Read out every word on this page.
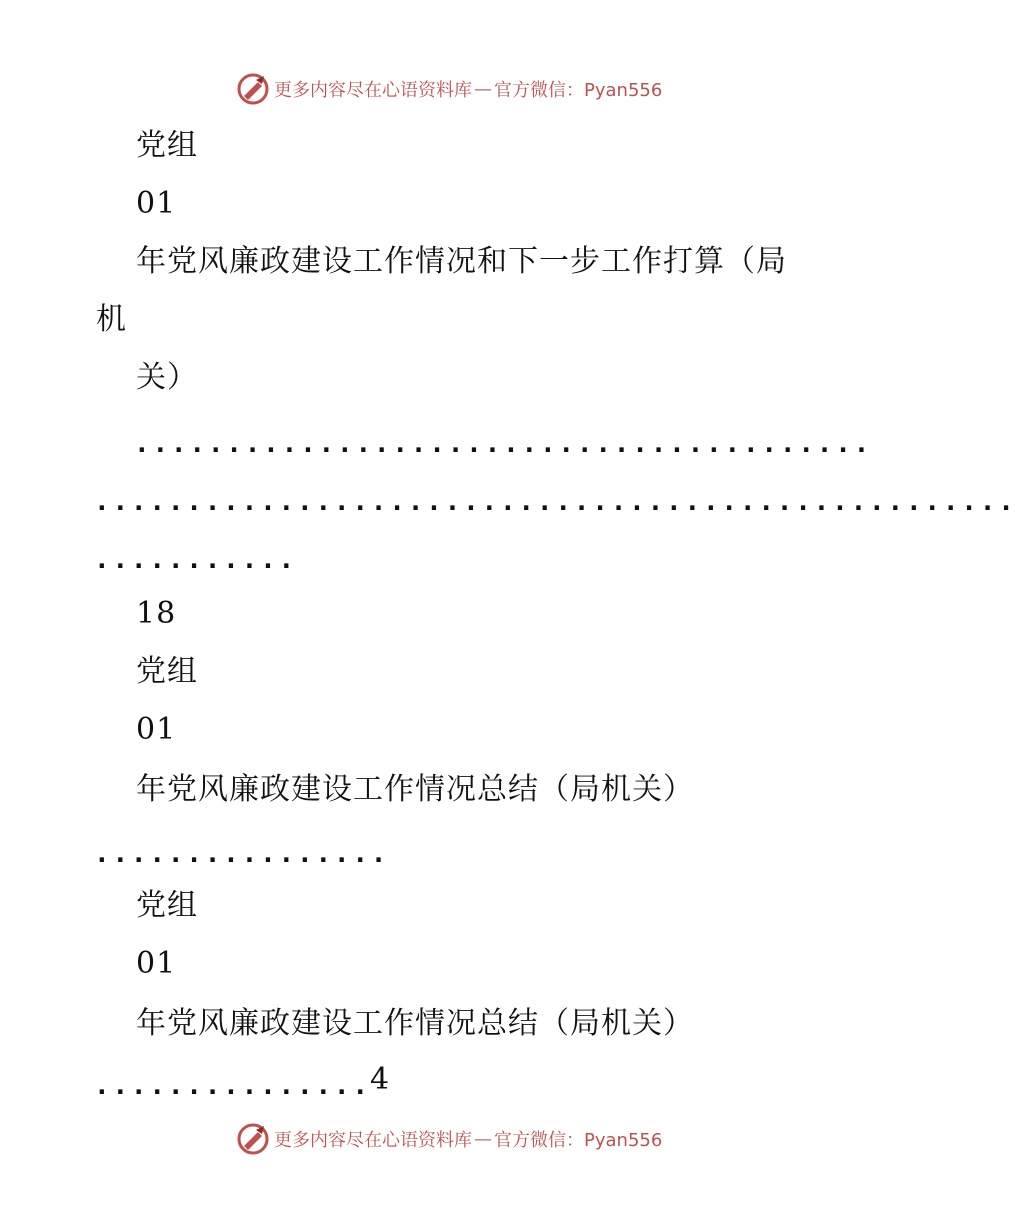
更多内容尽在心语资料库 — 官方微信：Pyan556
党组
01
年党风廉政建设工作情况和下一步工作打算（局
机
关）
........................................
..................................................
...........
18
党组
01
年党风廉政建设工作情况总结（局机关）
................
党组
01
年党风廉政建设工作情况总结（局机关）
............... 4
更多内容尽在心语资料库 — 官方微信：Pyan556
